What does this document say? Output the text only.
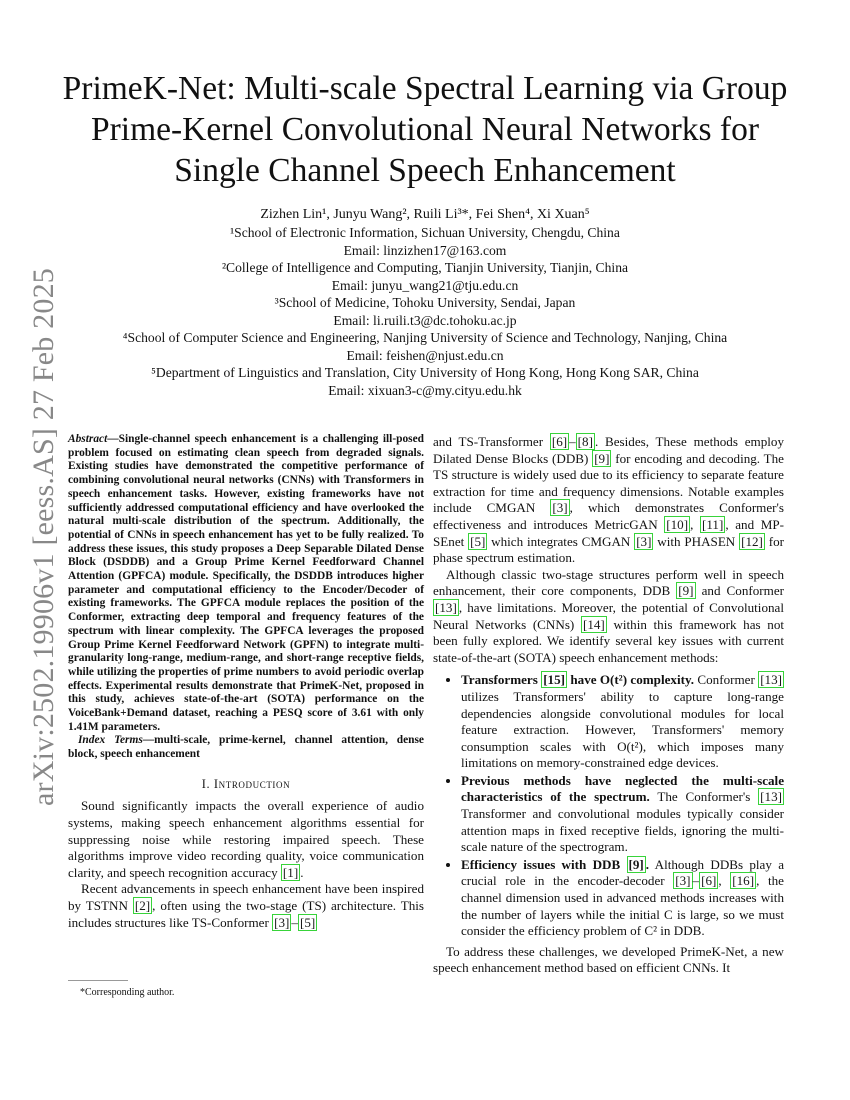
arXiv:2502.19906v1 [eess.AS] 27 Feb 2025
PrimeK-Net: Multi-scale Spectral Learning via Group Prime-Kernel Convolutional Neural Networks for Single Channel Speech Enhancement
Zizhen Lin¹, Junyu Wang², Ruili Li³*, Fei Shen⁴, Xi Xuan⁵
¹School of Electronic Information, Sichuan University, Chengdu, China
Email: linzizhen17@163.com
²College of Intelligence and Computing, Tianjin University, Tianjin, China
Email: junyu_wang21@tju.edu.cn
³School of Medicine, Tohoku University, Sendai, Japan
Email: li.ruili.t3@dc.tohoku.ac.jp
⁴School of Computer Science and Engineering, Nanjing University of Science and Technology, Nanjing, China
Email: feishen@njust.edu.cn
⁵Department of Linguistics and Translation, City University of Hong Kong, Hong Kong SAR, China
Email: xixuan3-c@my.cityu.edu.hk
Abstract—Single-channel speech enhancement is a challenging ill-posed problem focused on estimating clean speech from degraded signals. Existing studies have demonstrated the competitive performance of combining convolutional neural networks (CNNs) with Transformers in speech enhancement tasks. However, existing frameworks have not sufficiently addressed computational efficiency and have overlooked the natural multi-scale distribution of the spectrum. Additionally, the potential of CNNs in speech enhancement has yet to be fully realized. To address these issues, this study proposes a Deep Separable Dilated Dense Block (DSDDB) and a Group Prime Kernel Feedforward Channel Attention (GPFCA) module. Specifically, the DSDDB introduces higher parameter and computational efficiency to the Encoder/Decoder of existing frameworks. The GPFCA module replaces the position of the Conformer, extracting deep temporal and frequency features of the spectrum with linear complexity. The GPFCA leverages the proposed Group Prime Kernel Feedforward Network (GPFN) to integrate multi-granularity long-range, medium-range, and short-range receptive fields, while utilizing the properties of prime numbers to avoid periodic overlap effects. Experimental results demonstrate that PrimeK-Net, proposed in this study, achieves state-of-the-art (SOTA) performance on the VoiceBank+Demand dataset, reaching a PESQ score of 3.61 with only 1.41M parameters.
Index Terms—multi-scale, prime-kernel, channel attention, dense block, speech enhancement
I. Introduction

Sound significantly impacts the overall experience of audio systems, making speech enhancement algorithms essential for suppressing noise while restoring impaired speech. These algorithms improve video recording quality, voice communication clarity, and speech recognition accuracy [1] .

Recent advancements in speech enhancement have been inspired by TSTNN [2] , often using the two-stage (TS) architecture. This includes structures like TS-Conformer [3] – [5]

*Corresponding author.

and TS-Transformer [6] – [8] . Besides, These methods employ Dilated Dense Blocks (DDB) [9] for encoding and decoding. The TS structure is widely used due to its efficiency to separate feature extraction for time and frequency dimensions. Notable examples include CMGAN [3] , which demonstrates Conformer's effectiveness and introduces MetricGAN [10] , [11] , and MP-SEnet [5] which integrates CMGAN [3] with PHASEN [12] for phase spectrum estimation.

Although classic two-stage structures perform well in speech enhancement, their core components, DDB [9] and Conformer [13] , have limitations. Moreover, the potential of Convolutional Neural Networks (CNNs) [14] within this framework has not been fully explored. We identify several key issues with current state-of-the-art (SOTA) speech enhancement methods:

• Transformers [15] have O(t²) complexity. Conformer [13] utilizes Transformers' ability to capture long-range dependencies alongside convolutional modules for local feature extraction. However, Transformers' memory consumption scales with O(t²), which imposes many limitations on memory-constrained edge devices.
• Previous methods have neglected the multi-scale characteristics of the spectrum. The Conformer's [13] Transformer and convolutional modules typically consider attention maps in fixed receptive fields, ignoring the multi-scale nature of the spectrogram.
• Efficiency issues with DDB [9] . Although DDBs play a crucial role in the encoder-decoder [3] – [6] , [16] , the channel dimension used in advanced methods increases with the number of layers while the initial C is large, so we must consider the efficiency problem of C² in DDB.

To address these challenges, we developed PrimeK-Net, a new speech enhancement method based on efficient CNNs. It
